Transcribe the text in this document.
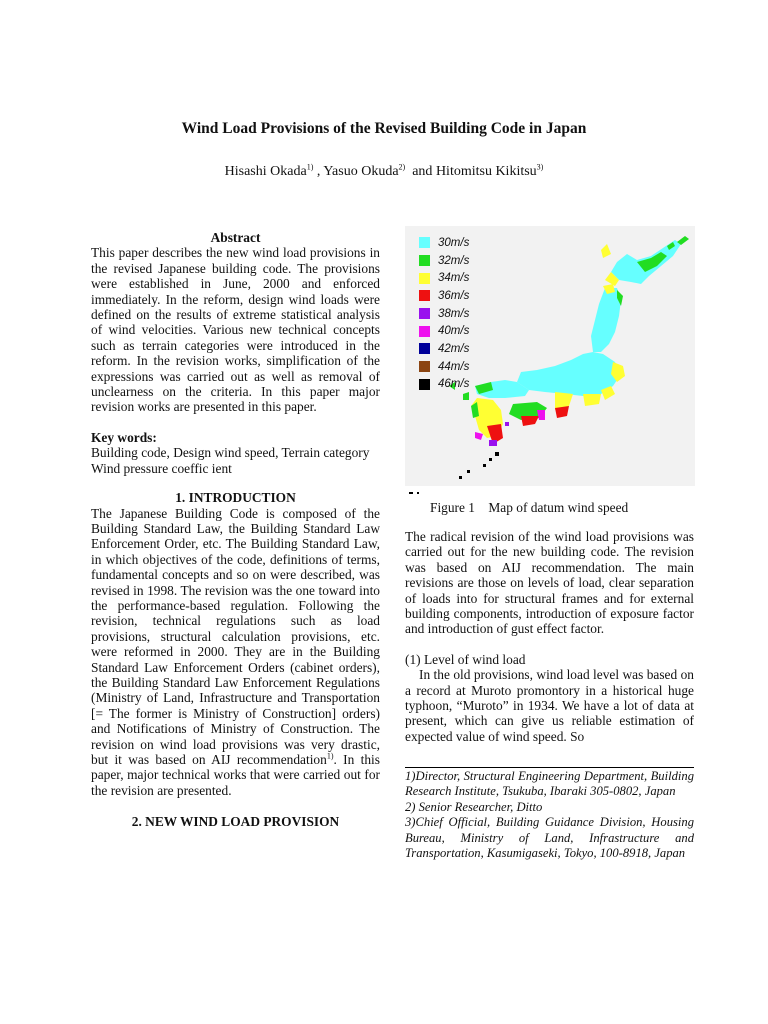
Wind Load Provisions of the Revised Building Code in Japan
Hisashi Okada$^{1)}$ , Yasuo Okuda$^{2)}$  and Hitomitsu Kikitsu$^{3)}$

Abstract

This paper describes the new wind load provisions in the revised Japanese building code. The provisions were established in June, 2000 and enforced immediately. In the reform, design wind loads were defined on the results of extreme statistical analysis of wind velocities. Various new technical concepts such as terrain categories were introduced in the reform. In the revision works, simplification of the expressions was carried out as well as removal of unclearness on the criteria. In this paper major revision works are presented in this paper.

Key words:

Building code, Design wind speed, Terrain category

Wind pressure coeffic ient

1. INTRODUCTION

The Japanese Building Code is composed of the Building Standard Law, the Building Standard Law Enforcement Order, etc. The Building Standard Law, in which objectives of the code, definitions of terms, fundamental concepts and so on were described, was revised in 1998. The revision was the one toward into the performance-based regulation. Following the revision, technical regulations such as load provisions, structural calculation provisions, etc. were reformed in 2000. They are in the Building Standard Law Enforcement Orders (cabinet orders), the Building Standard Law Enforcement Regulations (Ministry of Land, Infrastructure and Transportation [= The former is Ministry of Construction] orders) and Notifications of Ministry of Construction. The revision on wind load provisions was very drastic, but it was based on AIJ recommendation$^{1)}$. In this paper, major technical works that were carried out for the revision are presented.

2. NEW WIND LOAD PROVISION

30m/s
32m/s
34m/s
36m/s
38m/s
40m/s
42m/s
44m/s
46m/s
Figure 1    Map of datum wind speed

The radical revision of the wind load provisions was carried out for the new building code. The revision was based on AIJ recommendation. The main revisions are those on levels of load, clear separation of loads into for structural frames and for external building components, introduction of exposure factor and introduction of gust effect factor.

(1) Level of wind load

In the old provisions, wind load level was based on a record at Muroto promontory in a historical huge typhoon, “Muroto” in 1934. We have a lot of data at present, which can give us reliable estimation of expected value of wind speed. So

1)Director, Structural Engineering Department, Building Research Institute, Tsukuba, Ibaraki 305-0802, Japan

2) Senior Researcher, Ditto

3)Chief Official, Building Guidance Division, Housing Bureau, Ministry of Land, Infrastructure and Transportation, Kasumigaseki, Tokyo, 100-8918, Japan
